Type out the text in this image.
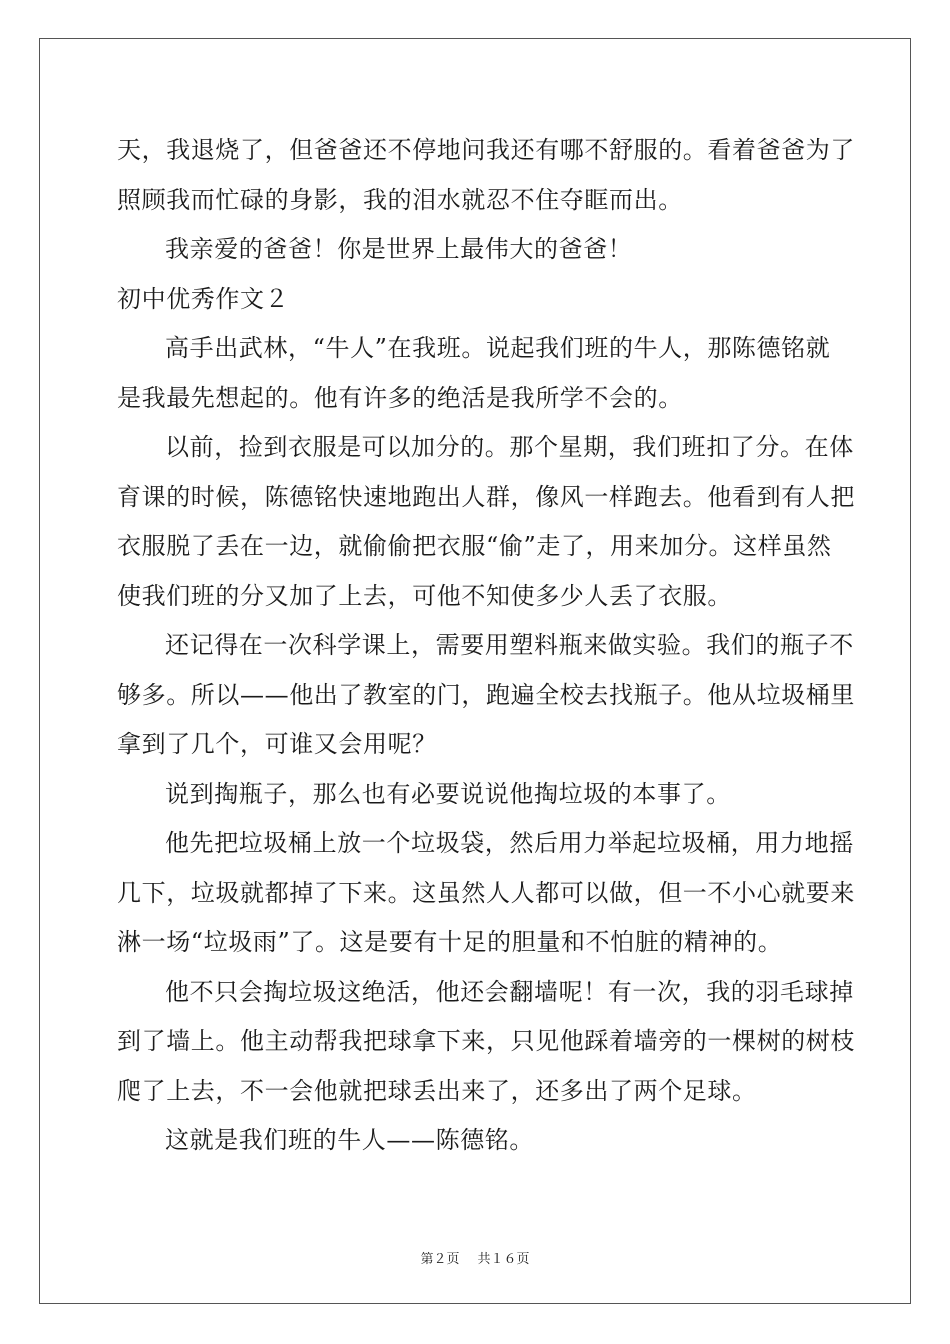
天，我退烧了，但爸爸还不停地问我还有哪不舒服的。看着爸爸为了
照顾我而忙碌的身影，我的泪水就忍不住夺眶而出。
我亲爱的爸爸！你是世界上最伟大的爸爸！
初中优秀作文２
高手出武林，“牛人”在我班。说起我们班的牛人，那陈德铭就
是我最先想起的。他有许多的绝活是我所学不会的。
以前，捡到衣服是可以加分的。那个星期，我们班扣了分。在体
育课的时候，陈德铭快速地跑出人群，像风一样跑去。他看到有人把
衣服脱了丢在一边，就偷偷把衣服“偷”走了，用来加分。这样虽然
使我们班的分又加了上去，可他不知使多少人丢了衣服。
还记得在一次科学课上，需要用塑料瓶来做实验。我们的瓶子不
够多。所以——他出了教室的门，跑遍全校去找瓶子。他从垃圾桶里
拿到了几个，可谁又会用呢？
说到掏瓶子，那么也有必要说说他掏垃圾的本事了。
他先把垃圾桶上放一个垃圾袋，然后用力举起垃圾桶，用力地摇
几下，垃圾就都掉了下来。这虽然人人都可以做，但一不小心就要来
淋一场“垃圾雨”了。这是要有十足的胆量和不怕脏的精神的。
他不只会掏垃圾这绝活，他还会翻墙呢！有一次，我的羽毛球掉
到了墙上。他主动帮我把球拿下来，只见他踩着墙旁的一棵树的树枝
爬了上去，不一会他就把球丢出来了，还多出了两个足球。
这就是我们班的牛人——陈德铭。
第２页 共１６页
